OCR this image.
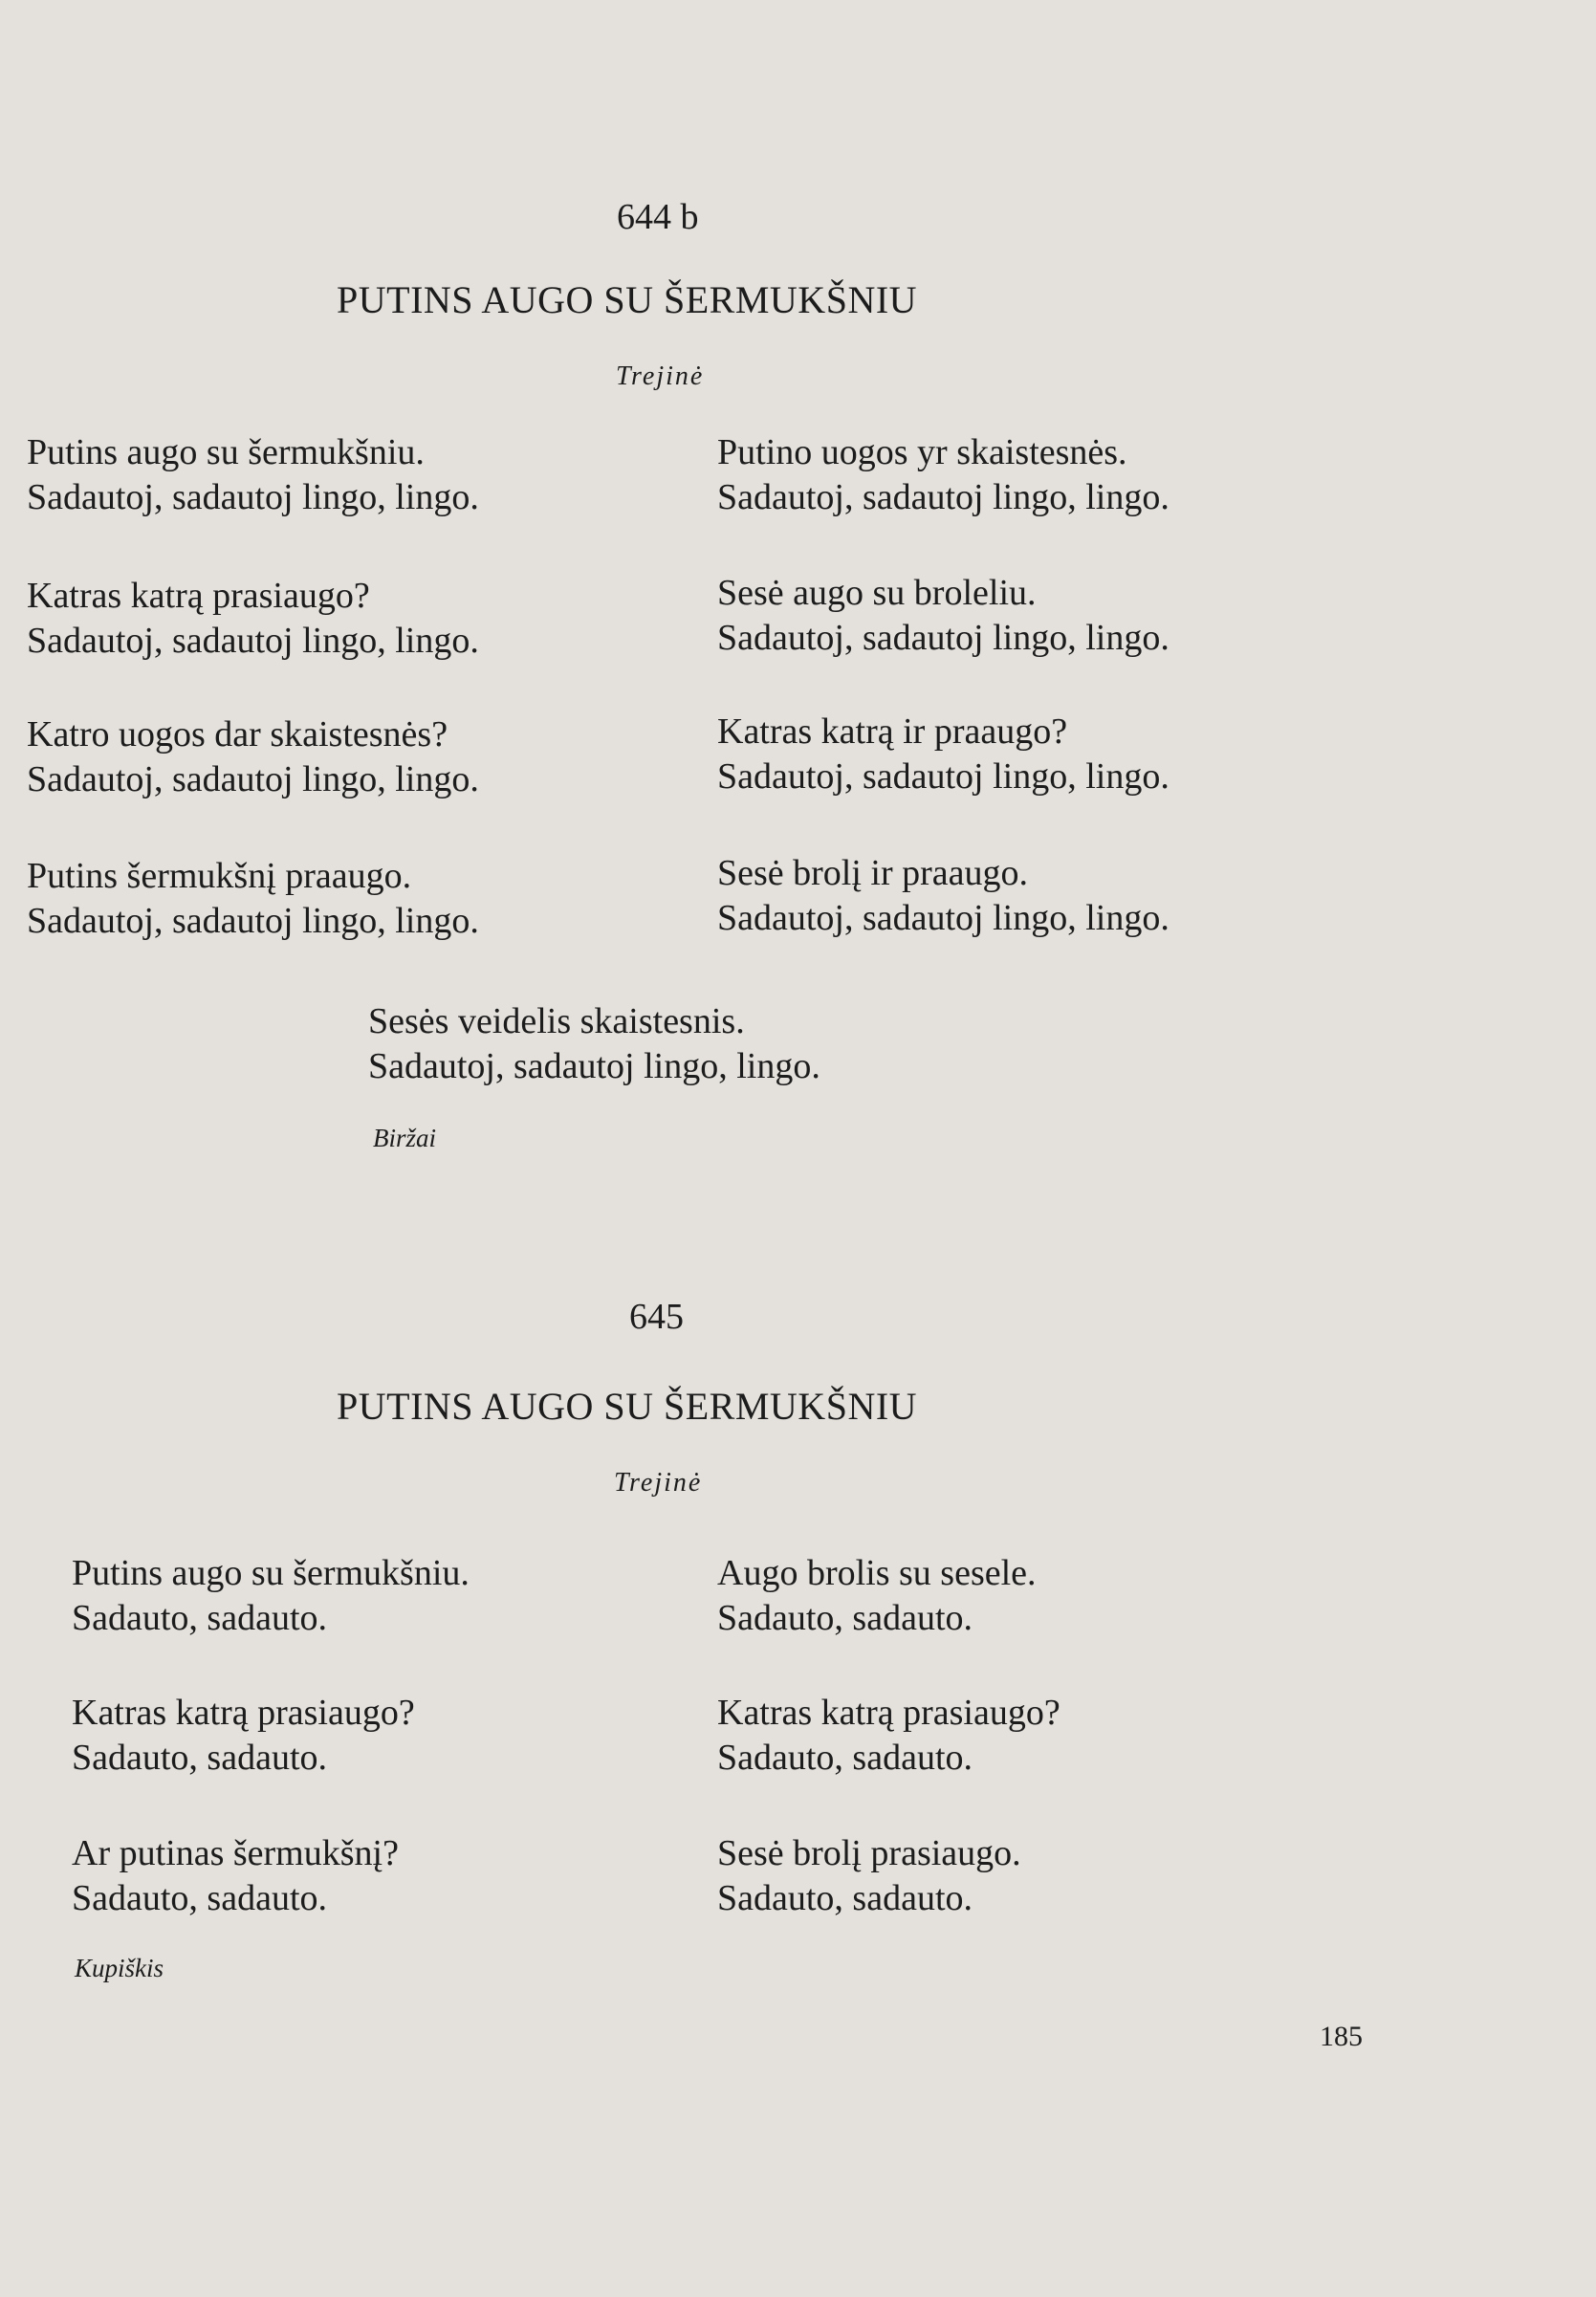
644 b
PUTINS AUGO SU ŠERMUKŠNIU
Trejinė
Putins augo su šermukšniu.
Sadautoj, sadautoj lingo, lingo.
Katras katrą prasiaugo?
Sadautoj, sadautoj lingo, lingo.
Katro uogos dar skaistesnės?
Sadautoj, sadautoj lingo, lingo.
Putins šermukšnį praaugo.
Sadautoj, sadautoj lingo, lingo.
Putino uogos yr skaistesnės.
Sadautoj, sadautoj lingo, lingo.
Sesė augo su broleliu.
Sadautoj, sadautoj lingo, lingo.
Katras katrą ir praaugo?
Sadautoj, sadautoj lingo, lingo.
Sesė brolį ir praaugo.
Sadautoj, sadautoj lingo, lingo.
Sesės veidelis skaistesnis.
Sadautoj, sadautoj lingo, lingo.
Biržai
645
PUTINS AUGO SU ŠERMUKŠNIU
Trejinė
Putins augo su šermukšniu.
Sadauto, sadauto.
Katras katrą prasiaugo?
Sadauto, sadauto.
Ar putinas šermukšnį?
Sadauto, sadauto.
Augo brolis su sesele.
Sadauto, sadauto.
Katras katrą prasiaugo?
Sadauto, sadauto.
Sesė brolį prasiaugo.
Sadauto, sadauto.
Kupiškis
185
